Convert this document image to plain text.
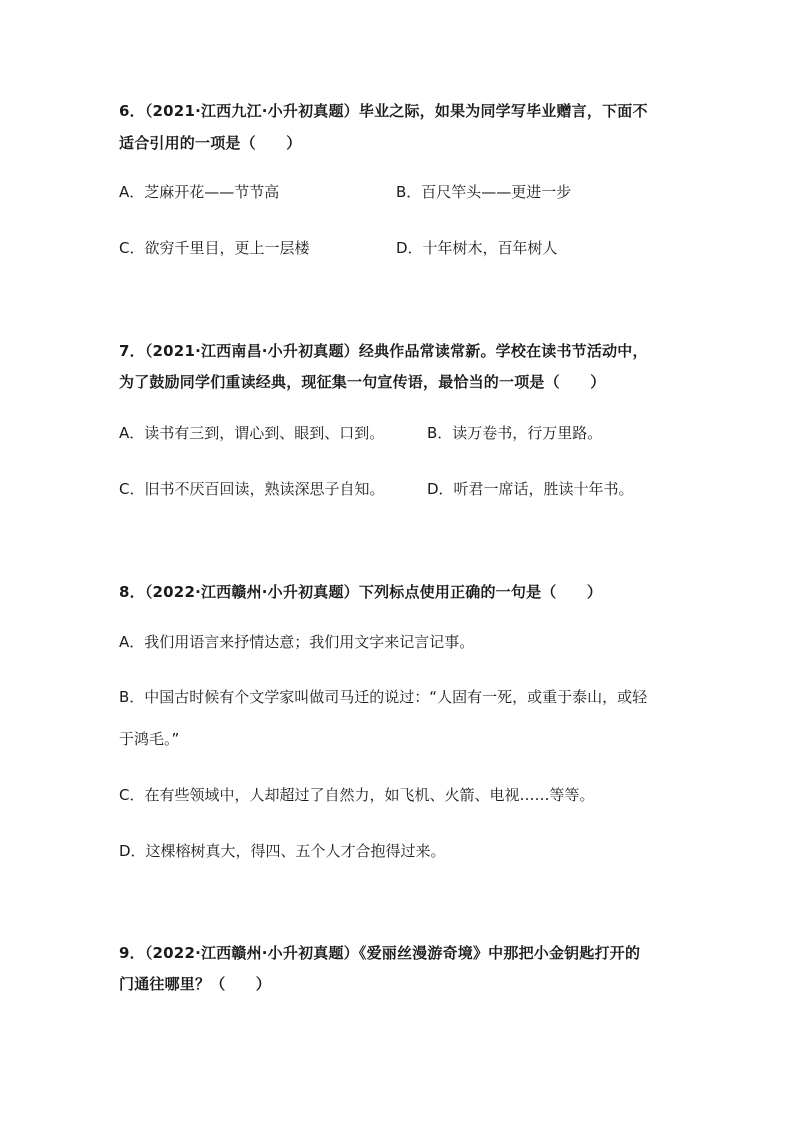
6．（2021·江西九江·小升初真题）毕业之际，如果为同学写毕业赠言，下面不
适合引用的一项是（　　）
A．芝麻开花——节节高	B．百尺竿头——更进一步
C．欲穷千里目，更上一层楼	D．十年树木，百年树人
7．（2021·江西南昌·小升初真题）经典作品常读常新。学校在读书节活动中，
为了鼓励同学们重读经典，现征集一句宣传语，最恰当的一项是（　　）
A．读书有三到，谓心到、眼到、口到。	B．读万卷书，行万里路。
C．旧书不厌百回读，熟读深思子自知。	D．听君一席话，胜读十年书。
8．（2022·江西赣州·小升初真题）下列标点使用正确的一句是（　　）
A．我们用语言来抒情达意；我们用文字来记言记事。
B．中国古时候有个文学家叫做司马迁的说过：“人固有一死，或重于泰山，或轻
于鸿毛。”
C．在有些领域中，人却超过了自然力，如飞机、火箭、电视……等等。
D．这棵榕树真大，得四、五个人才合抱得过来。
9．（2022·江西赣州·小升初真题）《爱丽丝漫游奇境》中那把小金钥匙打开的
门通往哪里？（　　）
